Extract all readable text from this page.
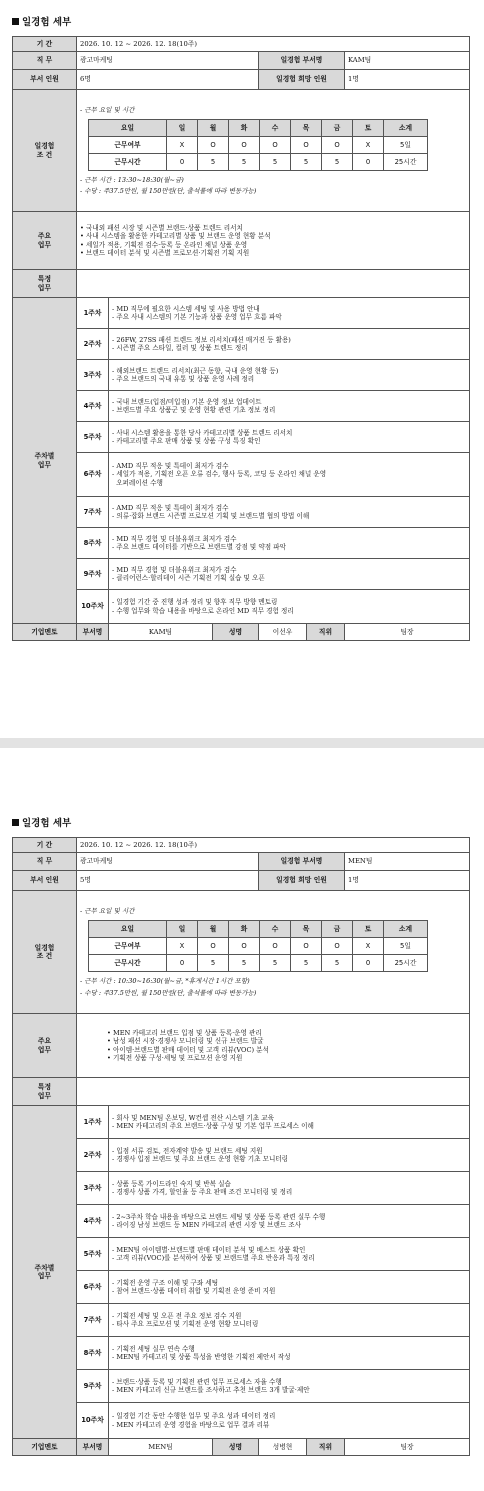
일경험 세부
기 간	2026. 10. 12 ~ 2026. 12. 18(10주)
직 무	광고마케팅	일경험 부서명	KAM팀
부서 인원	6명	일경험 희망 인원	1명
일경험
조 건	
- 근무 요일 및 시간
요일	일	월	화	수	목	금	토	소계
근무여부	X	O	O	O	O	O	X	5일
근무시간	0	5	5	5	5	5	0	25시간
- 근무 시간 : 13:30~18:30(월~금)
- 수당 : 주37.5만원, 월 150만원(단, 출석률에 따라 변동가능)

주요
업무	
• 국내외 패션 시장 및 시즌별 브랜드·상품 트렌드 리서치
• 사내 시스템을 활용한 카테고리별 상품 및 브랜드 운영 현황 분석
• 세일가 적용, 기획전 검수·등록 등 온라인 채널 상품 운영
• 브랜드 데이터 분석 및 시즌별 프로모션·기획전 기획 지원

특정
업무	
주차별
업무	1주차	- MD 직무에 필요한 시스템 세팅 및 사용 방법 안내
- 주요 사내 시스템의 기본 기능과 상품 운영 업무 흐름 파악

2주차	- 26FW, 27SS 패션 트렌드 정보 리서치(패션 매거진 등 활용)
- 시즌별 주요 스타일, 컬러 및 상품 트렌드 정리

3주차	- 해외브랜드 트렌드 리서치(최근 동향, 국내 운영 현황 등)
- 주요 브랜드의 국내 유통 및 상품 운영 사례 정리

4주차	- 국내 브랜드(입점/미입점) 기본 운영 정보 업데이트
- 브랜드별 주요 상품군 및 운영 현황 관련 기초 정보 정리

5주차	- 사내 시스템 활용을 통한 당사 카테고리별 상품 트렌드 리서치
- 카테고리별 주요 판매 상품 및 상품 구성 특징 확인

6주차	
- AMD 직무 적응 및 특데이 최저가 검수
- 세일가 적용, 기획전 오픈 오류 검수, 행사 등록, 코딩 등 온라인 채널 운영
오퍼레이션 수행

7주차	- AMD 직무 적응 및 특데이 최저가 검수
- 의류·잡화 브랜드 시즌별 프로모션 기획 및 브랜드별 협의 방법 이해

8주차	- MD 직무 경험 및 더블유위크 최저가 검수
- 주요 브랜드 데이터를 기반으로 브랜드별 강점 및 약점 파악

9주차	- MD 직무 경험 및 더블유위크 최저가 검수
- 클리어런스·할리데이 시즌 기획전 기획 실습 및 오픈

10주차	- 일경험 기간 중 진행 성과 정리 및 향후 직무 방향 멘토링
- 수행 업무와 학습 내용을 바탕으로 온라인 MD 직무 경험 정리

기업멘토	부서명	KAM팀	성명	이선우	직위	팀장
일경험 세부
기 간	2026. 10. 12 ~ 2026. 12. 18(10주)
직 무	광고마케팅	일경험 부서명	MEN팀
부서 인원	5명	일경험 희망 인원	1명
일경험
조 건	
- 근무 요일 및 시간
요일	일	월	화	수	목	금	토	소계
근무여부	X	O	O	O	O	O	X	5일
근무시간	0	5	5	5	5	5	0	25시간
- 근무 시간 : 10:30~16:30(월~금, *휴게시간 1시간 포함)
- 수당 : 주37.5만원, 월 150만원(단, 출석률에 따라 변동가능)

주요
업무	
• MEN 카테고리 브랜드 입점 및 상품 등록·운영 관리
• 남성 패션 시장·경쟁사 모니터링 및 신규 브랜드 발굴
• 아이템·브랜드별 판매 데이터 및 고객 리뷰(VOC) 분석
• 기획전 상품 구성·세팅 및 프로모션 운영 지원

특정
업무	
주차별
업무	1주차	- 회사 및 MEN팀 온보딩, W컨셉 전산 시스템 기초 교육
- MEN 카테고리의 주요 브랜드·상품 구성 및 기본 업무 프로세스 이해

2주차	- 입점 서류 검토, 전자계약 발송 및 브랜드 세팅 지원
- 경쟁사 입점 브랜드 및 주요 브랜드 운영 현황 기초 모니터링

3주차	- 상품 등록 가이드라인 숙지 및 반복 실습
- 경쟁사 상품 가격, 할인율 등 주요 판매 조건 모니터링 및 정리

4주차	- 2~3주차 학습 내용을 바탕으로 브랜드 세팅 및 상품 등록 관련 실무 수행
- 라이징 남성 브랜드 등 MEN 카테고리 관련 시장 및 브랜드 조사

5주차	- MEN팀 아이템별·브랜드별 판매 데이터 분석 및 베스트 상품 확인
- 고객 리뷰(VOC)를 분석하여 상품 및 브랜드별 주요 반응과 특징 정리

6주차	- 기획전 운영 구조 이해 및 구좌 세팅
- 참여 브랜드·상품 데이터 취합 및 기획전 운영 준비 지원

7주차	- 기획전 세팅 및 오픈 전 주요 정보 검수 지원
- 타사 주요 프로모션 및 기획전 운영 현황 모니터링

8주차	- 기획전 세팅 실무 연속 수행
- MEN팀 카테고리 및 상품 특성을 반영한 기획전 제안서 작성

9주차	- 브랜드·상품 등록 및 기획전 관련 업무 프로세스 자율 수행
- MEN 카테고리 신규 브랜드를 조사하고 추천 브랜드 3개 발굴·제안

10주차	- 일경험 기간 동안 수행한 업무 및 주요 성과 데이터 정리
- MEN 카테고리 운영 경험을 바탕으로 업무 결과 리뷰

기업멘토	부서명	MEN팀	성명	성병현	직위	팀장
